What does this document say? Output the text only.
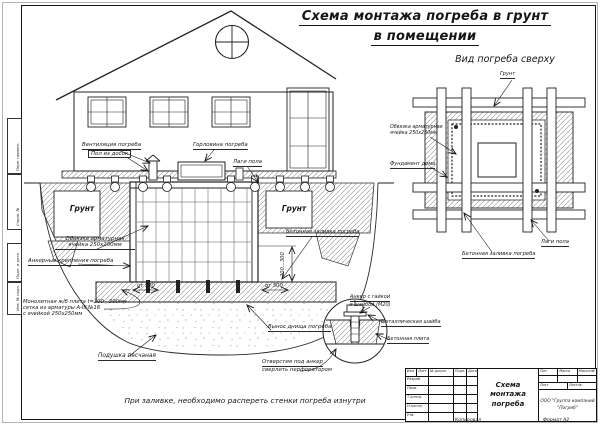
Перв. примен.
Справ. №
Подп. и дата
Инв. № подл.
Схема монтажа погреба в грунт
в помещении
Вид погреба сверху
Грунт
Обвязка арматурная
ячейка 250х250мм
Фундамент дома
Лаги пола
Бетонная заливка погреба
Вентиляция погреба
Пол из досок
Горловина погреба
Лаги пола
Грунт	Грунт
Обвязка арматурная
ячейка 250х250мм
Анкерные крепления погреба
Бетонная заливка погреба
200...300
от 500	от 500
Монолитная ж/б плита t=200 - 300мм
сетка из арматуры А-III №16
с ячейкой 250х250мм
Подушка песчаная
Вынос днища погреба
Отверстия под анкер
сверлить перфоратором
Анкер с гайкой
и шайбой (М20)
Металлическая шайба
Бетонная плита
При заливке, необходимо распереть стенки погреба изнутри
Изм. Лист	№ докум.	Подп. Дата
Разраб.
Пров.
Т.контр.
Н.контр.
Утв.
Схема
монтажа погреба
Лит.	Масса	Масштаб
Лист	Листов
ООО "Группа компаний
"Погреб"
Копировал	Формат А2
